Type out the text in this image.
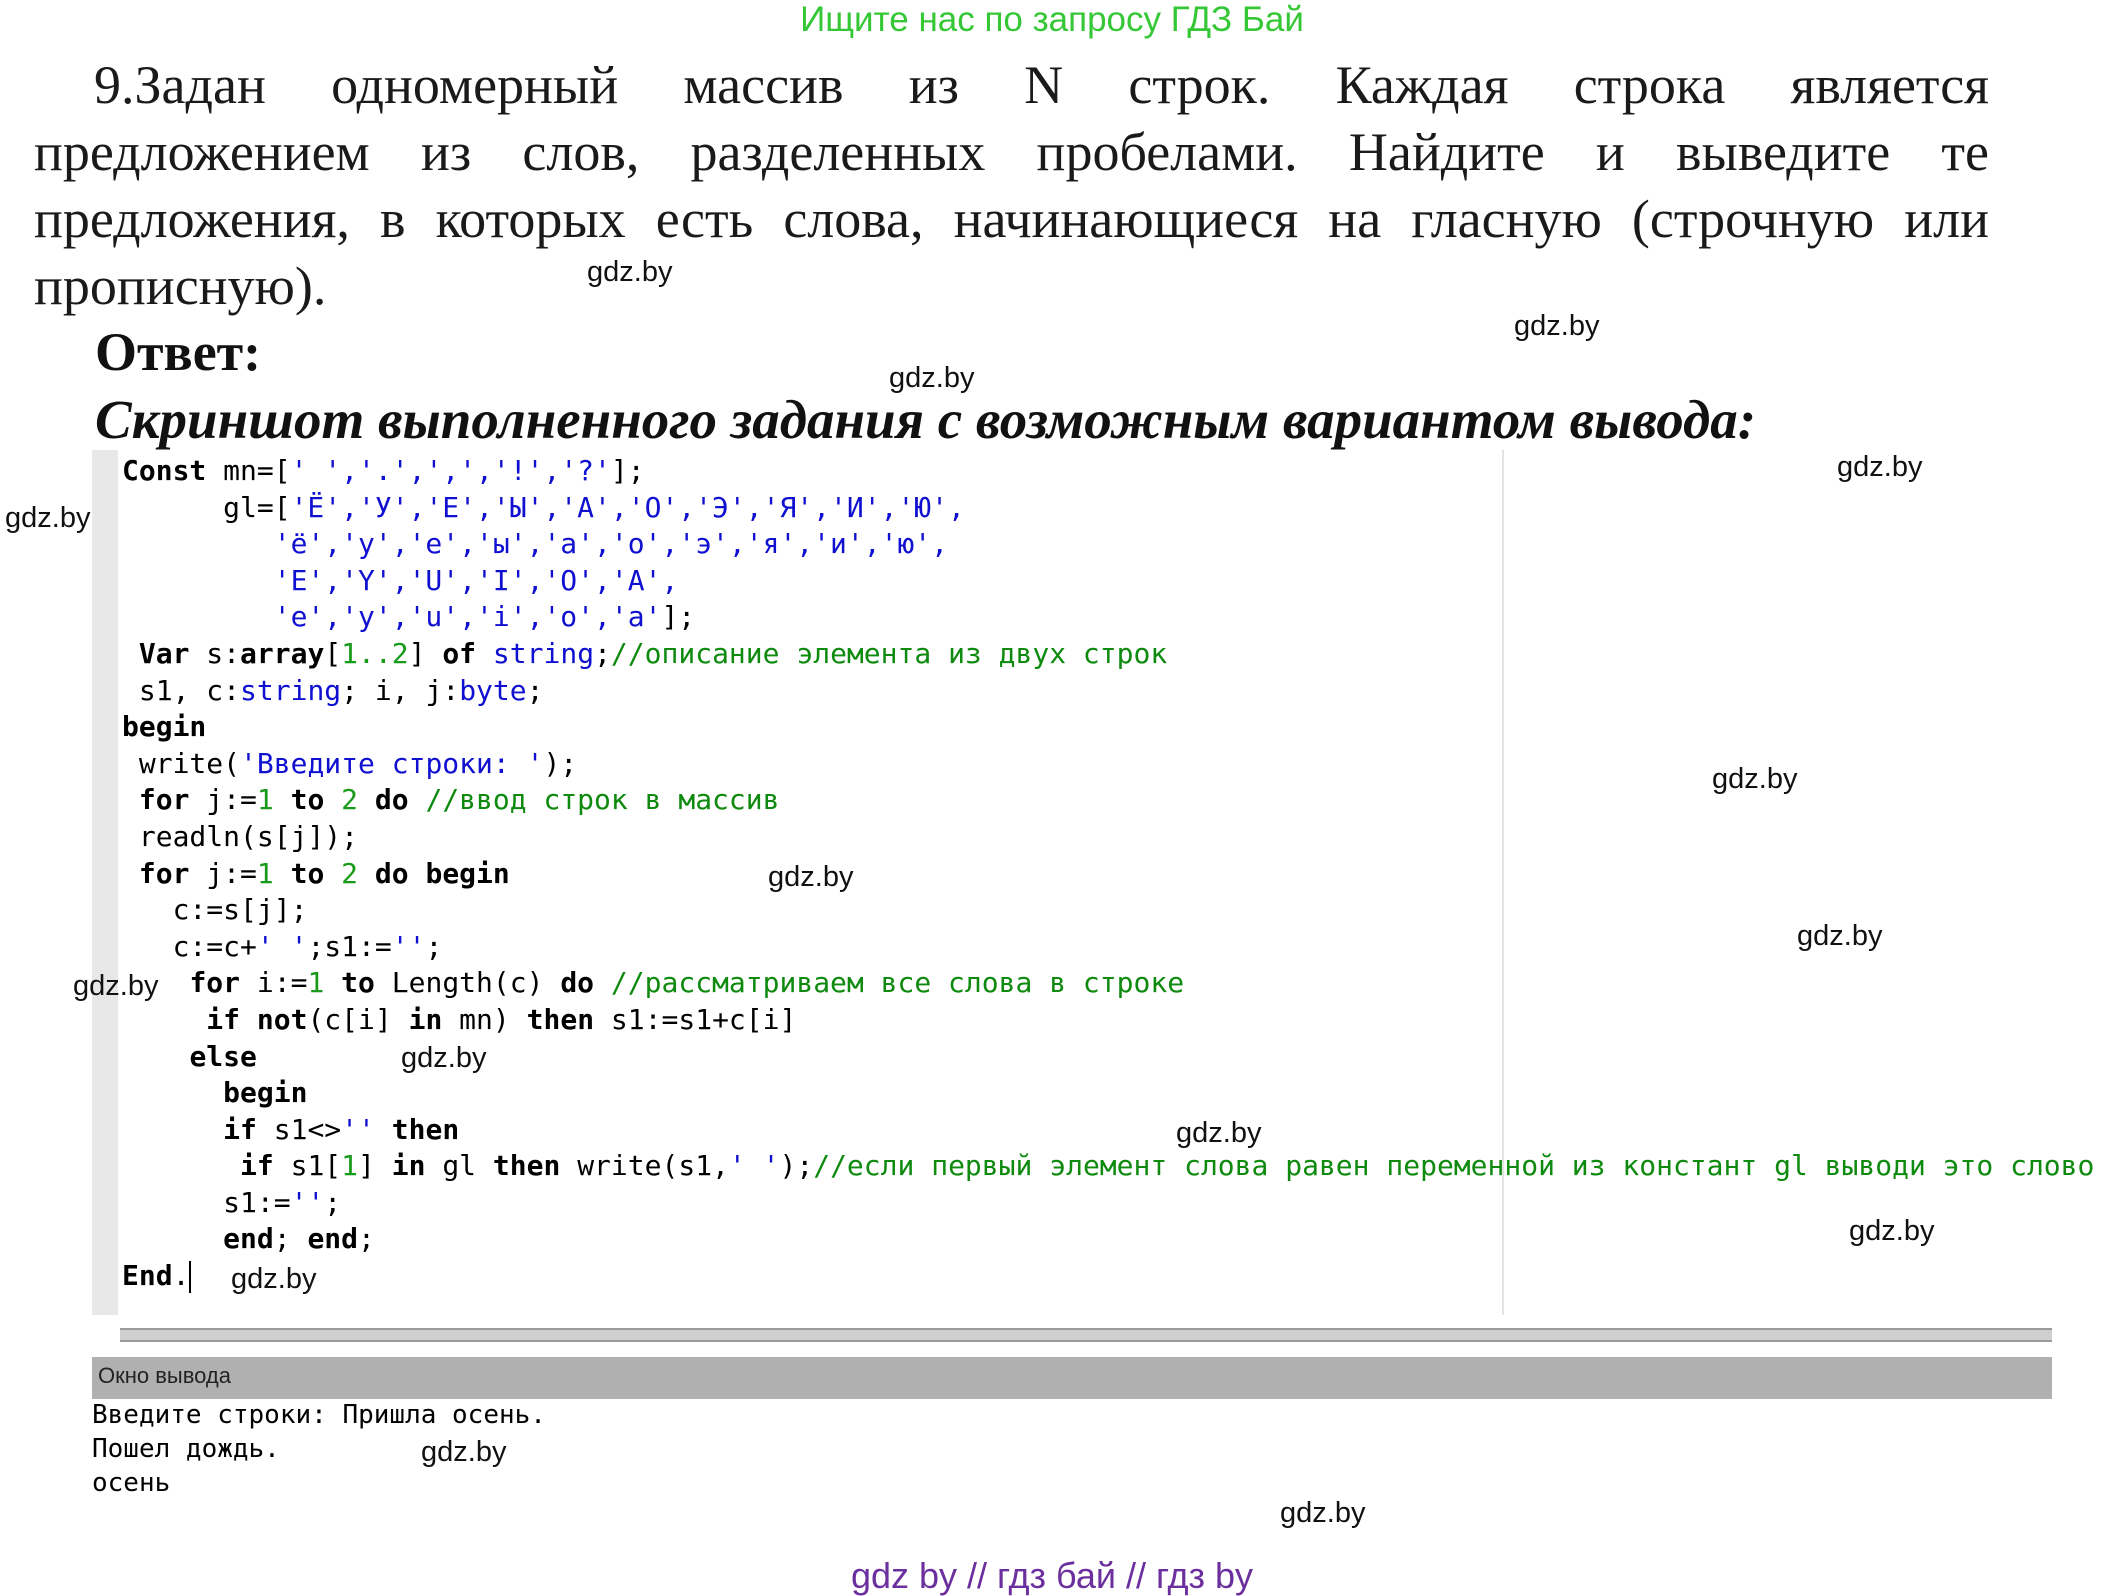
Ищите нас по запросу ГДЗ Бай
9.Задан одномерный массив из N строк. Каждая строка является
предложением из слов, разделенных пробелами. Найдите и выведите те
предложения, в которых есть слова, начинающиеся на гласную (строчную или
прописную).
Ответ:
Скриншот выполненного задания с возможным вариантом вывода:
Const mn=[' ','.',',','!','?'];
gl=['Ё','У','Е','Ы','А','О','Э','Я','И','Ю',
'ё','у','е','ы','а','о','э','я','и','ю',
'E','Y','U','I','O','A',
'e','y','u','i','o','a'];
Var s:array[1..2] of string;//описание элемента из двух строк
s1, c:string; i, j:byte;
begin
write('Введите строки: ');
for j:=1 to 2 do //ввод строк в массив
readln(s[j]);
for j:=1 to 2 do begin
c:=s[j];
c:=c+' ';s1:='';
for i:=1 to Length(c) do //рассматриваем все слова в строке
if not(c[i] in mn) then s1:=s1+c[i]
else
begin
if s1<>'' then
if s1[1] in gl then write(s1,' ');//если первый элемент слова равен переменной из констант gl выводи это слово
s1:='';
end; end;
End.
Окно вывода
Введите строки: Пришла осень.
Пошел дождь.
осень
gdz.by
gdz.by
gdz.by
gdz.by
gdz.by
gdz.by
gdz.by
gdz.by
gdz.by
gdz.by
gdz.by
gdz.by
gdz.by
gdz.by
gdz.by
gdz by // гдз бай // гдз by
